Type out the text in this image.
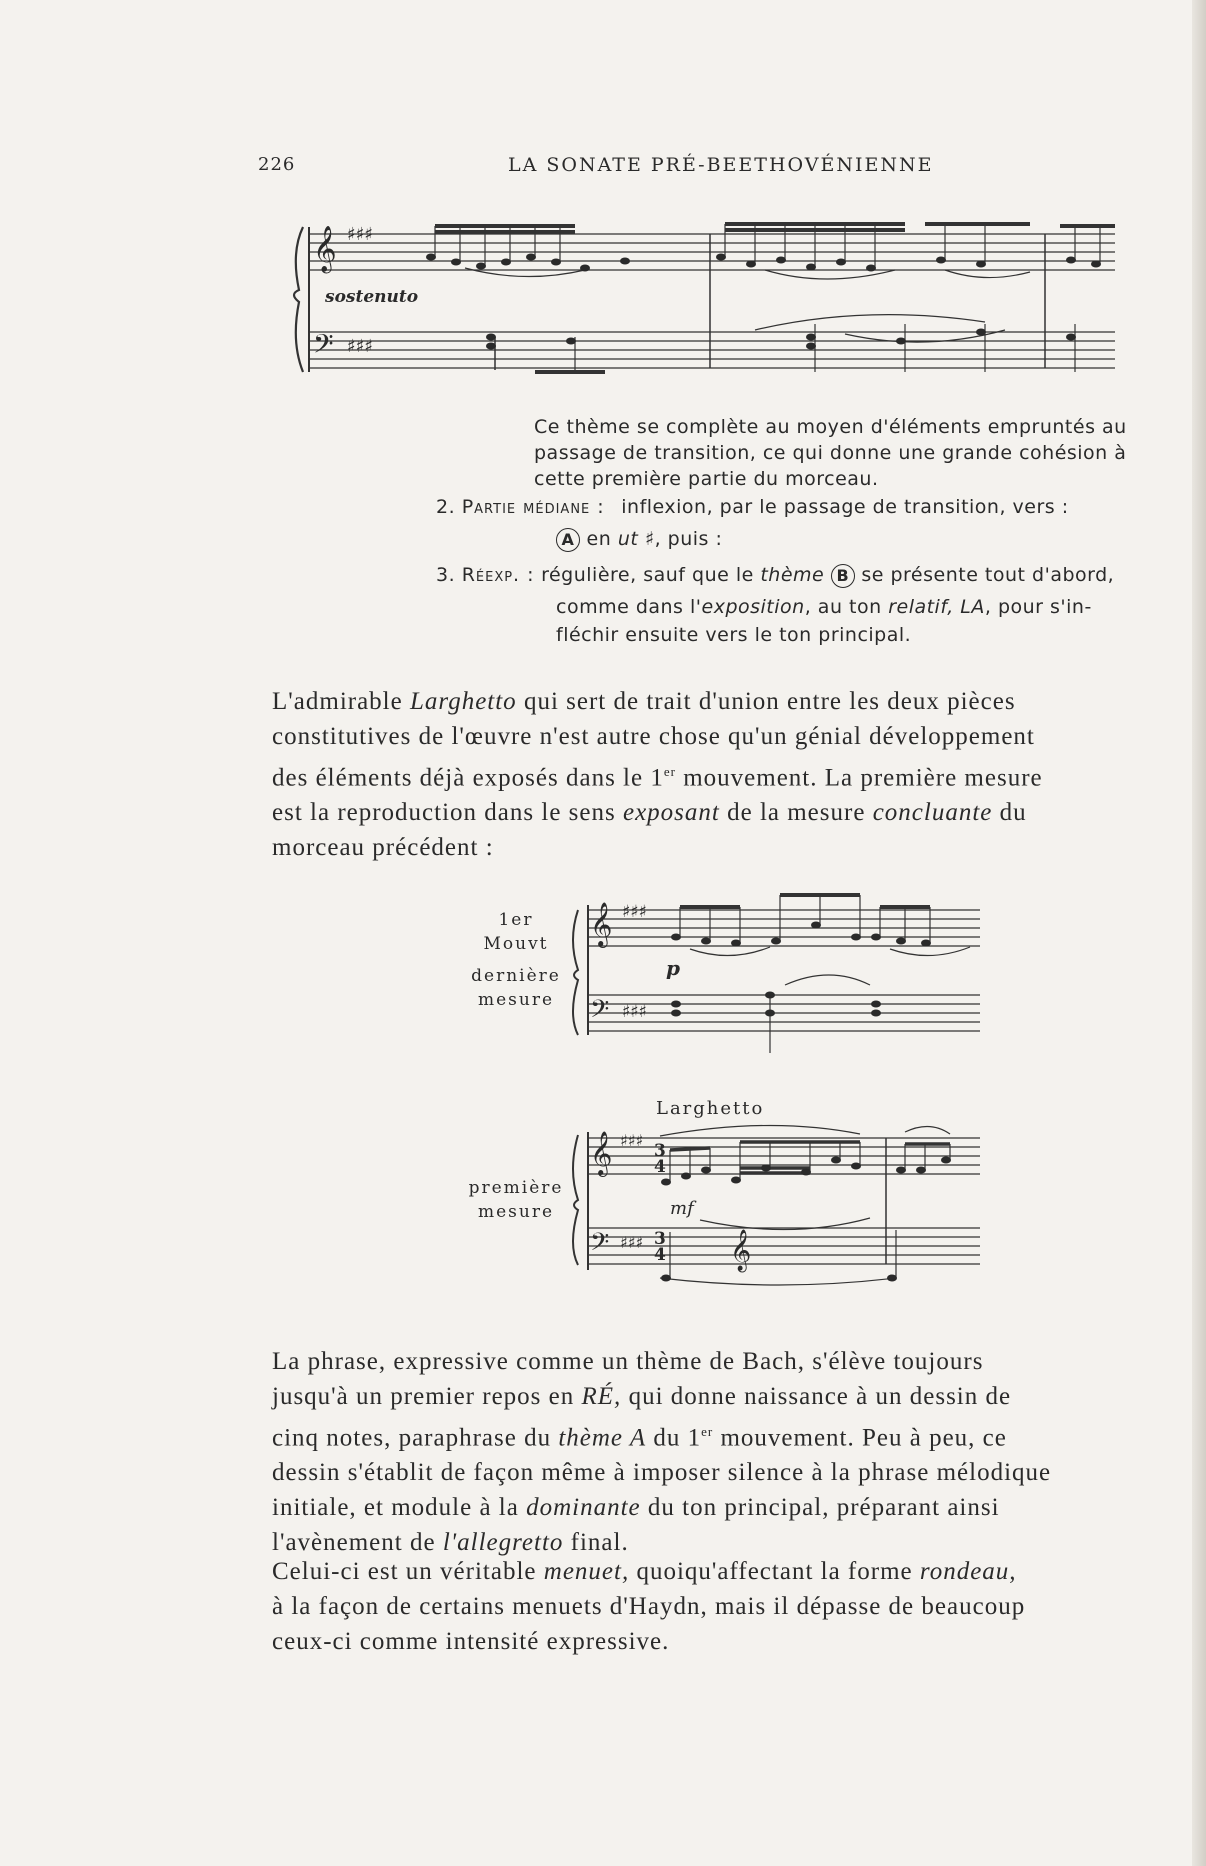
226	LA SONATE PRÉ-BEETHOVÉNIENNE
𝄞 ♯♯♯
𝄢 ♯♯♯
sostenuto
Ce thème se complète au moyen d'éléments empruntés au passage de transition, ce qui donne une grande cohésion à cette première partie du morceau.
2. Partie médiane : inflexion, par le passage de transition, vers :
A en ut ♯, puis :
3. Réexp. : régulière, sauf que le thème B se présente tout d'abord,
comme dans l'exposition, au ton relatif, LA, pour s'in-
fléchir ensuite vers le ton principal.
L'admirable Larghetto qui sert de trait d'union entre les deux pièces
constitutives de l'œuvre n'est autre chose qu'un génial développement
des éléments déjà exposés dans le 1er mouvement. La première mesure
est la reproduction dans le sens exposant de la mesure concluante du
morceau précédent :
1er
Mouvt
dernière
mesure
𝄞 ♯♯♯
𝄢 ♯♯♯
p
Larghetto
première
mesure
𝄞 ♯♯♯
3
4
𝄢 ♯♯♯ 3
4 𝄞
mf
La phrase, expressive comme un thème de Bach, s'élève toujours
jusqu'à un premier repos en RÉ, qui donne naissance à un dessin de
cinq notes, paraphrase du thème A du 1er mouvement. Peu à peu, ce
dessin s'établit de façon même à imposer silence à la phrase mélodique
initiale, et module à la dominante du ton principal, préparant ainsi
l'avènement de l'allegretto final.
Celui-ci est un véritable menuet, quoiqu'affectant la forme rondeau,
à la façon de certains menuets d'Haydn, mais il dépasse de beaucoup
ceux-ci comme intensité expressive.
